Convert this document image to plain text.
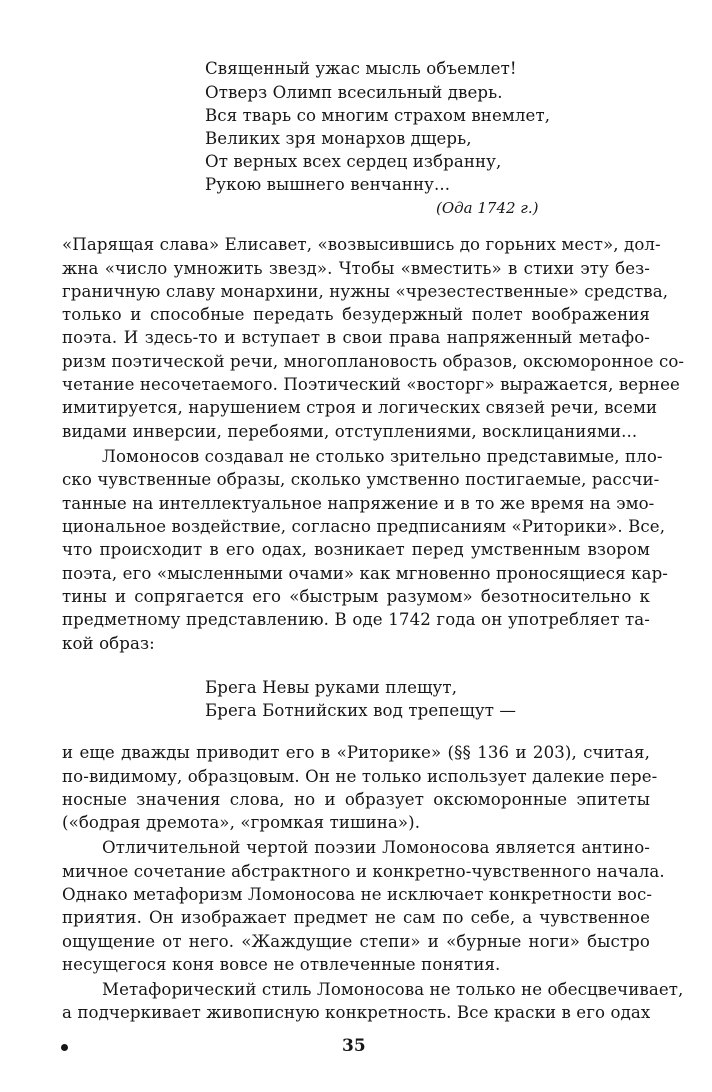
Священный ужас мысль объемлет!
Отверз Олимп всесильный дверь.
Вся тварь со многим страхом внемлет,
Великих зря монархов дщерь,
От верных всех сердец избранну,
Рукою вышнего венчанну...
(Ода 1742 г.)
«Парящая слава» Елисавет, «возвысившись до горьних мест», дол-
жна «число умножить звезд». Чтобы «вместить» в стихи эту без-
граничную славу монархини, нужны «чрезестественные» средства,
только и способные передать безудержный полет воображения
поэта. И здесь-то и вступает в свои права напряженный метафо-
ризм поэтической речи, многоплановость образов, оксюморонное со-
четание несочетаемого. Поэтический «восторг» выражается, вернее
имитируется, нарушением строя и логических связей речи, всеми
видами инверсии, перебоями, отступлениями, восклицаниями...
Ломоносов создавал не столько зрительно представимые, пло-
ско чувственные образы, сколько умственно постигаемые, рассчи-
танные на интеллектуальное напряжение и в то же время на эмо-
циональное воздействие, согласно предписаниям «Риторики». Все,
что происходит в его одах, возникает перед умственным взором
поэта, его «мысленными очами» как мгновенно проносящиеся кар-
тины и сопрягается его «быстрым разумом» безотносительно к
предметному представлению. В оде 1742 года он употребляет та-
кой образ:
Брега Невы руками плещут,
Брега Ботнийских вод трепещут —
и еще дважды приводит его в «Риторике» (§§ 136 и 203), считая,
по-видимому, образцовым. Он не только использует далекие пере-
носные значения слова, но и образует оксюморонные эпитеты
(«бодрая дремота», «громкая тишина»).
Отличительной чертой поэзии Ломоносова является антино-
мичное сочетание абстрактного и конкретно-чувственного начала.
Однако метафоризм Ломоносова не исключает конкретности вос-
приятия. Он изображает предмет не сам по себе, а чувственное
ощущение от него. «Жаждущие степи» и «бурные ноги» быстро
несущегося коня вовсе не отвлеченные понятия.
Метафорический стиль Ломоносова не только не обесцвечивает,
а подчеркивает живописную конкретность. Все краски в его одах
35
